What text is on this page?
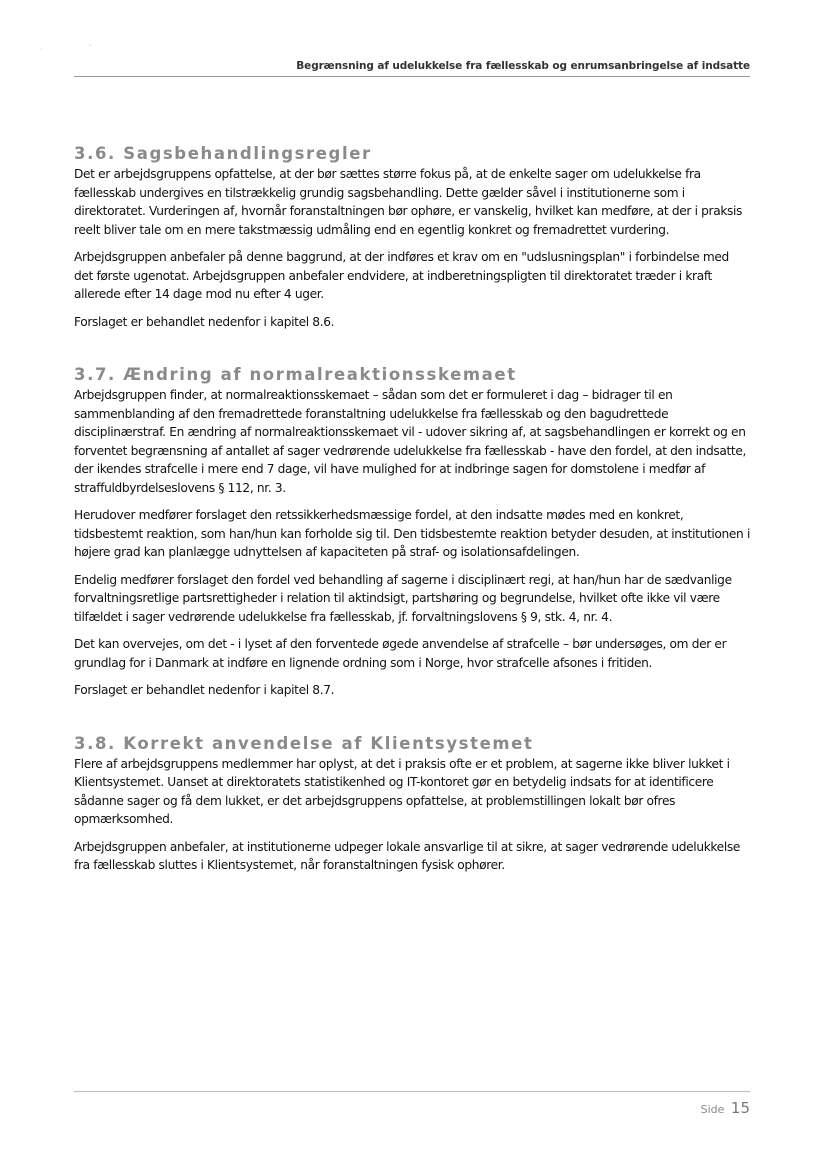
·	ˊ
Begrænsning af udelukkelse fra fællesskab og enrumsanbringelse af indsatte
3.6. Sagsbehandlingsregler

Det er arbejdsgruppens opfattelse, at der bør sættes større fokus på, at de enkelte sager om udelukkelse fra fællesskab undergives en tilstrækkelig grundig sagsbehandling. Dette gælder såvel i institutionerne som i direktoratet. Vurderingen af, hvornår foranstaltningen bør ophøre, er vanskelig, hvilket kan medføre, at der i praksis reelt bliver tale om en mere takstmæssig udmåling end en egentlig konkret og fremadrettet vurdering.

Arbejdsgruppen anbefaler på denne baggrund, at der indføres et krav om en "udslusningsplan" i forbindelse med det første ugenotat. Arbejdsgruppen anbefaler endvidere, at indberetningspligten til direktoratet træder i kraft allerede efter 14 dage mod nu efter 4 uger.

Forslaget er behandlet nedenfor i kapitel 8.6.

3.7. Ændring af normalreaktionsskemaet

Arbejdsgruppen finder, at normalreaktionsskemaet – sådan som det er formuleret i dag – bidrager til en sammenblanding af den fremadrettede foranstaltning udelukkelse fra fællesskab og den bagudrettede disciplinærstraf. En ændring af normalreaktionsskemaet vil - udover sikring af, at sagsbehandlingen er korrekt og en forventet begrænsning af antallet af sager vedrørende udelukkelse fra fællesskab - have den fordel, at den indsatte, der ikendes strafcelle i mere end 7 dage, vil have mulighed for at indbringe sagen for domstolene i medfør af straffuldbyrdelseslovens § 112, nr. 3.

Herudover medfører forslaget den retssikkerhedsmæssige fordel, at den indsatte mødes med en konkret, tidsbestemt reaktion, som han/hun kan forholde sig til. Den tidsbestemte reaktion betyder desuden, at institutionen i højere grad kan planlægge udnyttelsen af kapaciteten på straf- og isolationsafdelingen.

Endelig medfører forslaget den fordel ved behandling af sagerne i disciplinært regi, at han/hun har de sædvanlige forvaltningsretlige partsrettigheder i relation til aktindsigt, partshøring og begrundelse, hvilket ofte ikke vil være tilfældet i sager vedrørende udelukkelse fra fællesskab, jf. forvaltningslovens § 9, stk. 4, nr. 4.

Det kan overvejes, om det - i lyset af den forventede øgede anvendelse af strafcelle – bør undersøges, om der er grundlag for i Danmark at indføre en lignende ordning som i Norge, hvor strafcelle afsones i fritiden.

Forslaget er behandlet nedenfor i kapitel 8.7.

3.8. Korrekt anvendelse af Klientsystemet

Flere af arbejdsgruppens medlemmer har oplyst, at det i praksis ofte er et problem, at sagerne ikke bliver lukket i Klientsystemet. Uanset at direktoratets statistikenhed og IT-kontoret gør en betydelig indsats for at identificere sådanne sager og få dem lukket, er det arbejdsgruppens opfattelse, at problemstillingen lokalt bør ofres opmærksomhed.

Arbejdsgruppen anbefaler, at institutionerne udpeger lokale ansvarlige til at sikre, at sager vedrørende udelukkelse fra fællesskab sluttes i Klientsystemet, når foranstaltningen fysisk ophører.

Side 15
